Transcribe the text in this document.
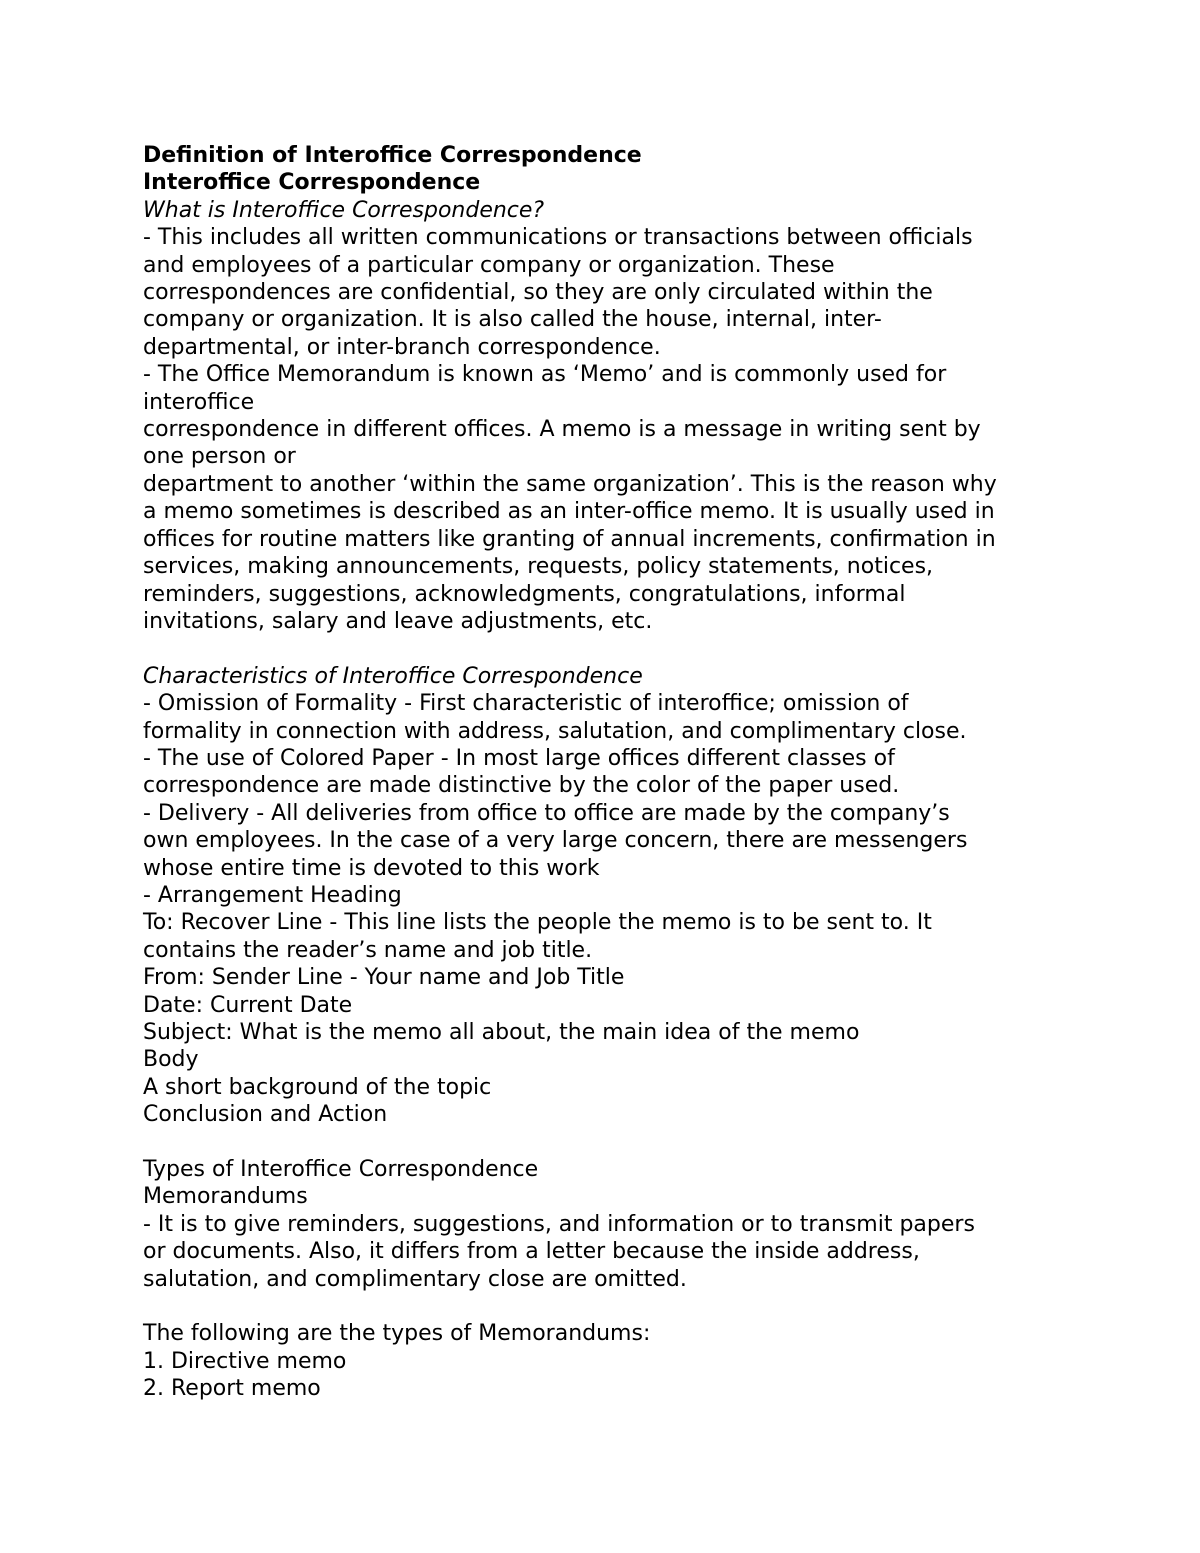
Definition of Interoffice Correspondence
Interoffice Correspondence
What is Interoffice Correspondence?
- This includes all written communications or transactions between officials
and employees of a particular company or organization. These
correspondences are confidential, so they are only circulated within the
company or organization. It is also called the house, internal, inter-
departmental, or inter-branch correspondence.
- The Office Memorandum is known as ‘Memo’ and is commonly used for
interoffice
correspondence in different offices. A memo is a message in writing sent by
one person or
department to another ‘within the same organization’. This is the reason why
a memo sometimes is described as an inter-office memo. It is usually used in
offices for routine matters like granting of annual increments, confirmation in
services, making announcements, requests, policy statements, notices,
reminders, suggestions, acknowledgments, congratulations, informal
invitations, salary and leave adjustments, etc.
Characteristics of Interoffice Correspondence
- Omission of Formality - First characteristic of interoffice; omission of
formality in connection with address, salutation, and complimentary close.
- The use of Colored Paper - In most large offices different classes of
correspondence are made distinctive by the color of the paper used.
- Delivery - All deliveries from office to office are made by the company’s
own employees. In the case of a very large concern, there are messengers
whose entire time is devoted to this work
- Arrangement Heading
To: Recover Line - This line lists the people the memo is to be sent to. It
contains the reader’s name and job title.
From: Sender Line - Your name and Job Title
Date: Current Date
Subject: What is the memo all about, the main idea of the memo
Body
A short background of the topic
Conclusion and Action
Types of Interoffice Correspondence
Memorandums
- It is to give reminders, suggestions, and information or to transmit papers
or documents. Also, it differs from a letter because the inside address,
salutation, and complimentary close are omitted.
The following are the types of Memorandums:
1. Directive memo
2. Report memo
